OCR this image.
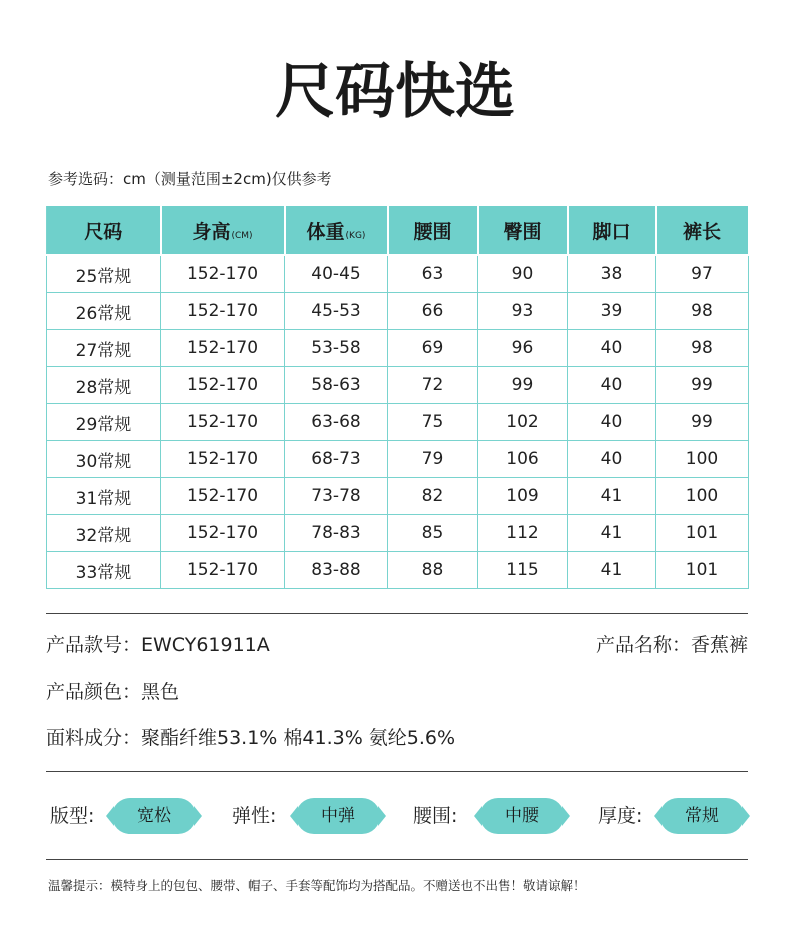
尺码快选
参考选码：cm（测量范围±2cm)仅供参考
尺码	身高(CM)	体重(KG)	腰围	臀围	脚口	裤长
25常规	152-170	40-45	63	90	38	97
26常规	152-170	45-53	66	93	39	98
27常规	152-170	53-58	69	96	40	98
28常规	152-170	58-63	72	99	40	99
29常规	152-170	63-68	75	102	40	99
30常规	152-170	68-73	79	106	40	100
31常规	152-170	73-78	82	109	41	100
32常规	152-170	78-83	85	112	41	101
33常规	152-170	83-88	88	115	41	101
产品款号：EWCY61911A	产品名称：香蕉裤
产品颜色：黑色
面料成分：聚酯纤维53.1% 棉41.3% 氨纶5.6%
版型:	宽松	弹性:	中弹	腰围:	中腰	厚度:	常规
温馨提示：模特身上的包包、腰带、帽子、手套等配饰均为搭配品。不赠送也不出售！敬请谅解！
